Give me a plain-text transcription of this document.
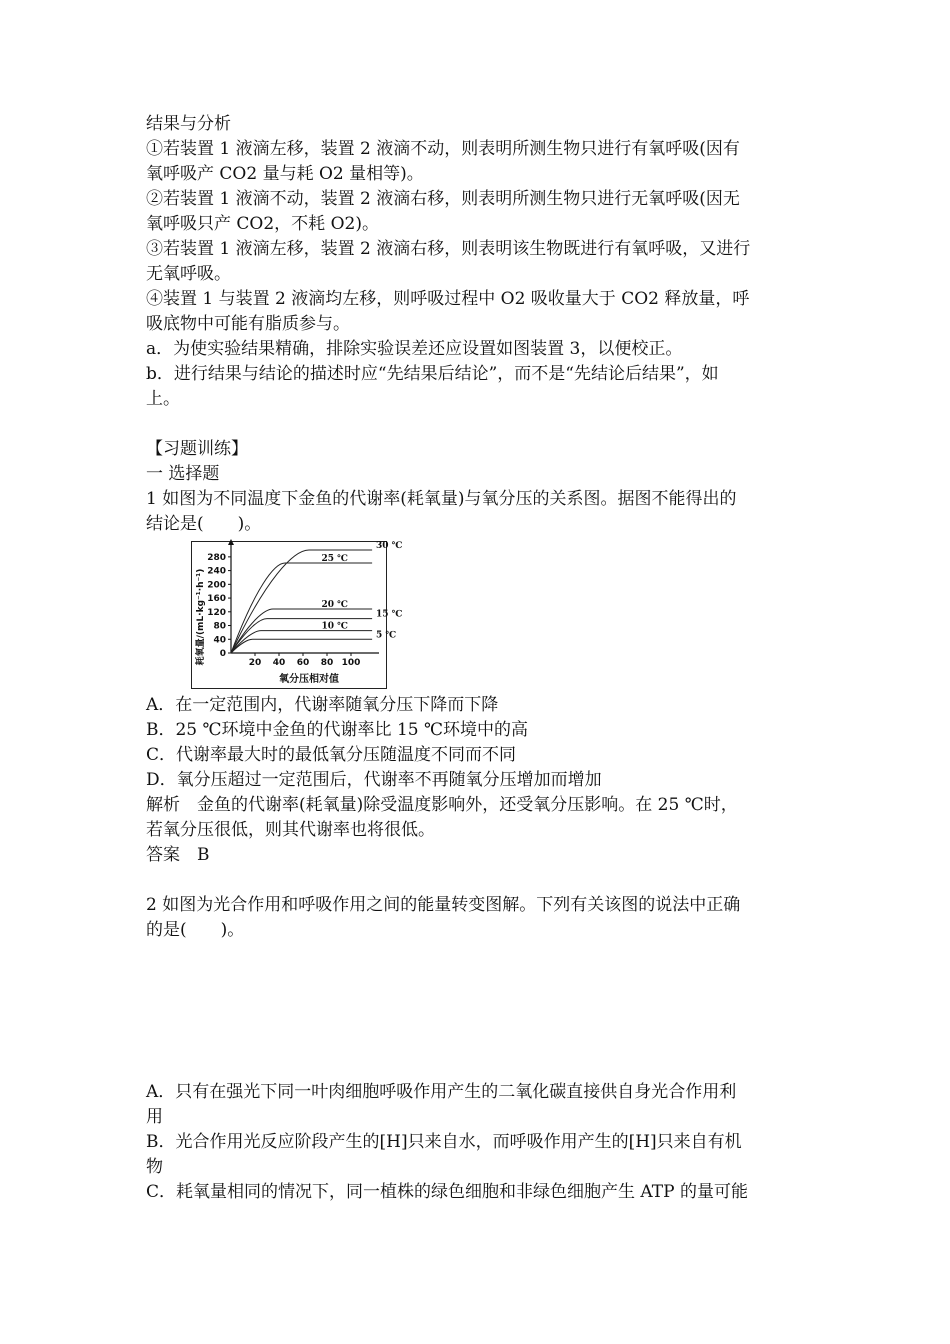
结果与分析

①若装置 1 液滴左移，装置 2 液滴不动，则表明所测生物只进行有氧呼吸(因有

氧呼吸产 CO2 量与耗 O2 量相等)。

②若装置 1 液滴不动，装置 2 液滴右移，则表明所测生物只进行无氧呼吸(因无

氧呼吸只产 CO2，不耗 O2)。

③若装置 1 液滴左移，装置 2 液滴右移，则表明该生物既进行有氧呼吸，又进行

无氧呼吸。

④装置 1 与装置 2 液滴均左移，则呼吸过程中 O2 吸收量大于 CO2 释放量，呼

吸底物中可能有脂质参与。

a．为使实验结果精确，排除实验误差还应设置如图装置 3，以便校正。

b．进行结果与结论的描述时应“先结果后结论”，而不是“先结论后结果”，如

上。

【习题训练】

一 选择题

1 如图为不同温度下金鱼的代谢率(耗氧量)与氧分压的关系图。据图不能得出的

结论是(　　)。

耗氧量/(mL·kg⁻¹·h⁻¹)
氧分压相对值
0
40
80
120
160
200
240
280
20 40 60 80 100
30 ℃
25 ℃
20 ℃
15 ℃
10 ℃
5 ℃

A．在一定范围内，代谢率随氧分压下降而下降

B．25 ℃环境中金鱼的代谢率比 15 ℃环境中的高

C．代谢率最大时的最低氧分压随温度不同而不同

D．氧分压超过一定范围后，代谢率不再随氧分压增加而增加

解析　金鱼的代谢率(耗氧量)除受温度影响外，还受氧分压影响。在 25 ℃时，

若氧分压很低，则其代谢率也将很低。

答案　B

2 如图为光合作用和呼吸作用之间的能量转变图解。下列有关该图的说法中正确

的是(　　)。

A．只有在强光下同一叶肉细胞呼吸作用产生的二氧化碳直接供自身光合作用利

用

B．光合作用光反应阶段产生的[H]只来自水，而呼吸作用产生的[H]只来自有机

物

C．耗氧量相同的情况下，同一植株的绿色细胞和非绿色细胞产生 ATP 的量可能
